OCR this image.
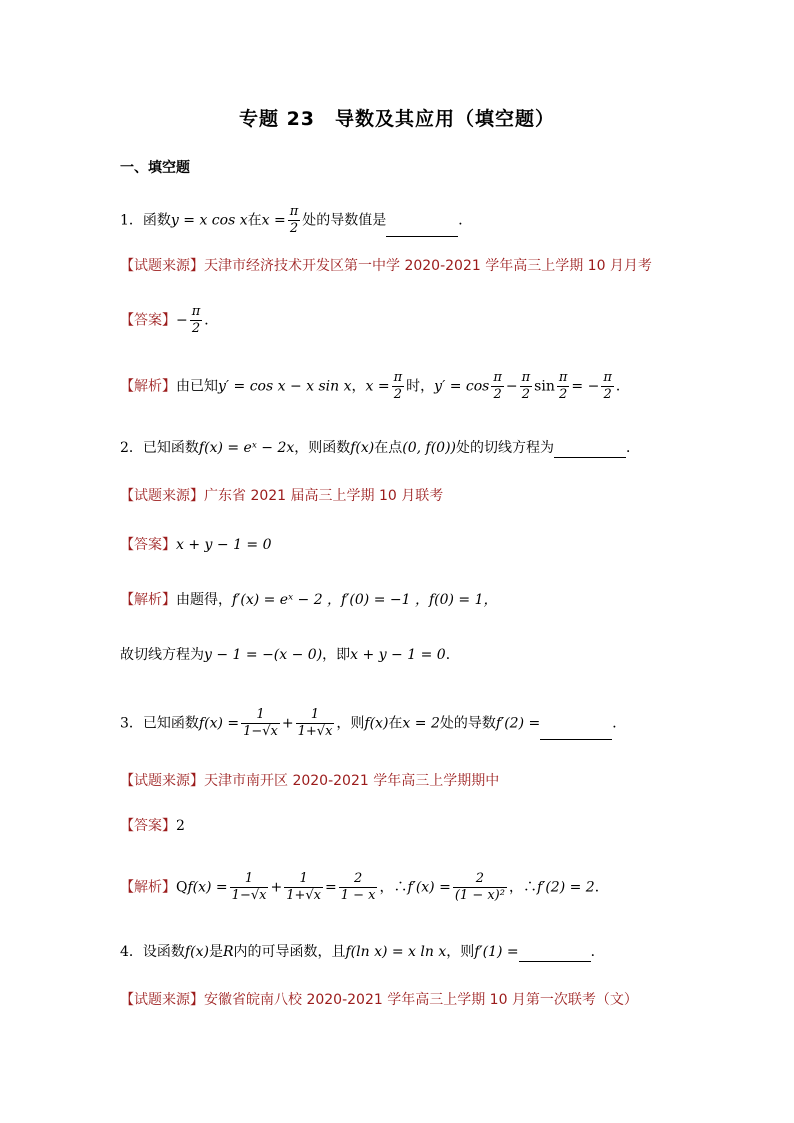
专题 23　导数及其应用（填空题）
一、填空题
1．函数y = x cos x在$x = \frac{\pi}{2}$ 处的导数值是	．
【试题来源】天津市经济技术开发区第一中学 2020-2021 学年高三上学期 10 月月考
【答案】− $\frac{\pi}{2}$ ．
【解析】由已知y′ = cos x − x sin x，$x = \frac{\pi}{2}$ 时，$y' = \cos \frac{\pi}{2} - \frac{\pi}{2}$ $\sin \frac{\pi}{2}$ = − $\frac{\pi}{2}$ ．
2．已知函数f(x) = eˣ − 2x，则函数f(x)在点(0, f(0))处的切线方程为	．
【试题来源】广东省 2021 届高三上学期 10 月联考
【答案】x + y − 1 = 0
【解析】由题得，f′(x) = eˣ − 2 ，f′(0) = −1 ，f(0) = 1，
故切线方程为y − 1 = −(x − 0)，即x + y − 1 = 0．
3．已知函数$f(x) = \frac{1}{1-√x} + \frac{1}{1+√x}$ ，则f(x)在x = 2处的导数f′(2) =	．
【试题来源】天津市南开区 2020-2021 学年高三上学期期中
【答案】2
【解析】$Qf(x) = \frac{1}{1-√x} + \frac{1}{1+√x} = \frac{2}{1 - x}$ ，∴f′(x) = $\frac{2}{\text{(1 − x)²}}$ ，∴f′(2) = 2．
4．设函数f(x)是R内的可导函数，且f(ln x) = x ln x，则f′(1) =	．
【试题来源】安徽省皖南八校 2020-2021 学年高三上学期 10 月第一次联考（文）
